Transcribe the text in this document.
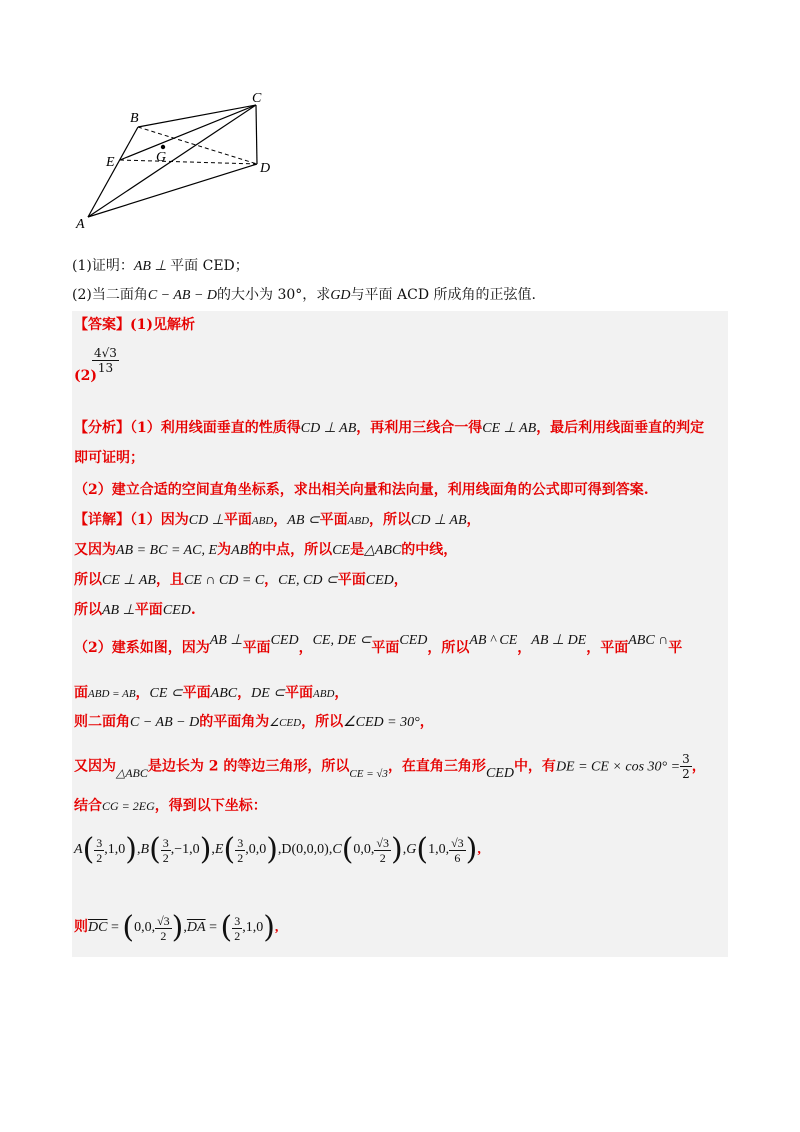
A
B
C
D
E	G
(1)证明：AB ⊥ 平面 CED；
(2)当二面角C − AB − D的大小为 30°，求GD与平面 ACD 所成角的正弦值.
【答案】(1)见解析
(2)
$\frac{4√3}{13}$
【分析】（1）利用线面垂直的性质得CD ⊥ AB，再利用三线合一得CE ⊥ AB，最后利用线面垂直的判定
即可证明；
（2）建立合适的空间直角坐标系，求出相关向量和法向量，利用线面角的公式即可得到答案.
【详解】（1）因为CD ⊥平面ABD，AB ⊂平面ABD，所以CD ⊥ AB，
又因为AB = BC = AC, E为AB的中点，所以CE是△ABC的中线，
所以CE ⊥ AB，且CE ∩ CD = C，CE, CD ⊂平面CED，
所以AB ⊥平面CED.
（2）建系如图，因为AB ⊥平面CED，CE, DE ⊂平面CED，所以AB ^ CE，AB ⊥ DE，平面ABC ∩平
面ABD = AB，CE ⊂平面ABC，DE ⊂平面ABD，
则二面角C − AB − D的平面角为∠CED，所以∠CED = 30°，
又因为△ABC是边长为 2 的等边三角形，所以$_{CE = √3}$，在直角三角形CED中，有DE = CE × $\cos 30^\circ = \frac{3}{2}$ ，
结合CG = 2EG，得到以下坐标：
$A( \frac{3}{2} ,1,0),B( \frac{3}{2} ,-1,0),E( \frac{3}{2} ,0,0),D(0,0,0),C(0,0$, $\frac{√3}{2} ),G(1,0$, $\frac{√3}{6}$ ),
则$\overline{DC} = (0,0$, $\frac{√3}{2} ),\overline{DA}$ = ( $\frac{3}{2} ,1,0$),
